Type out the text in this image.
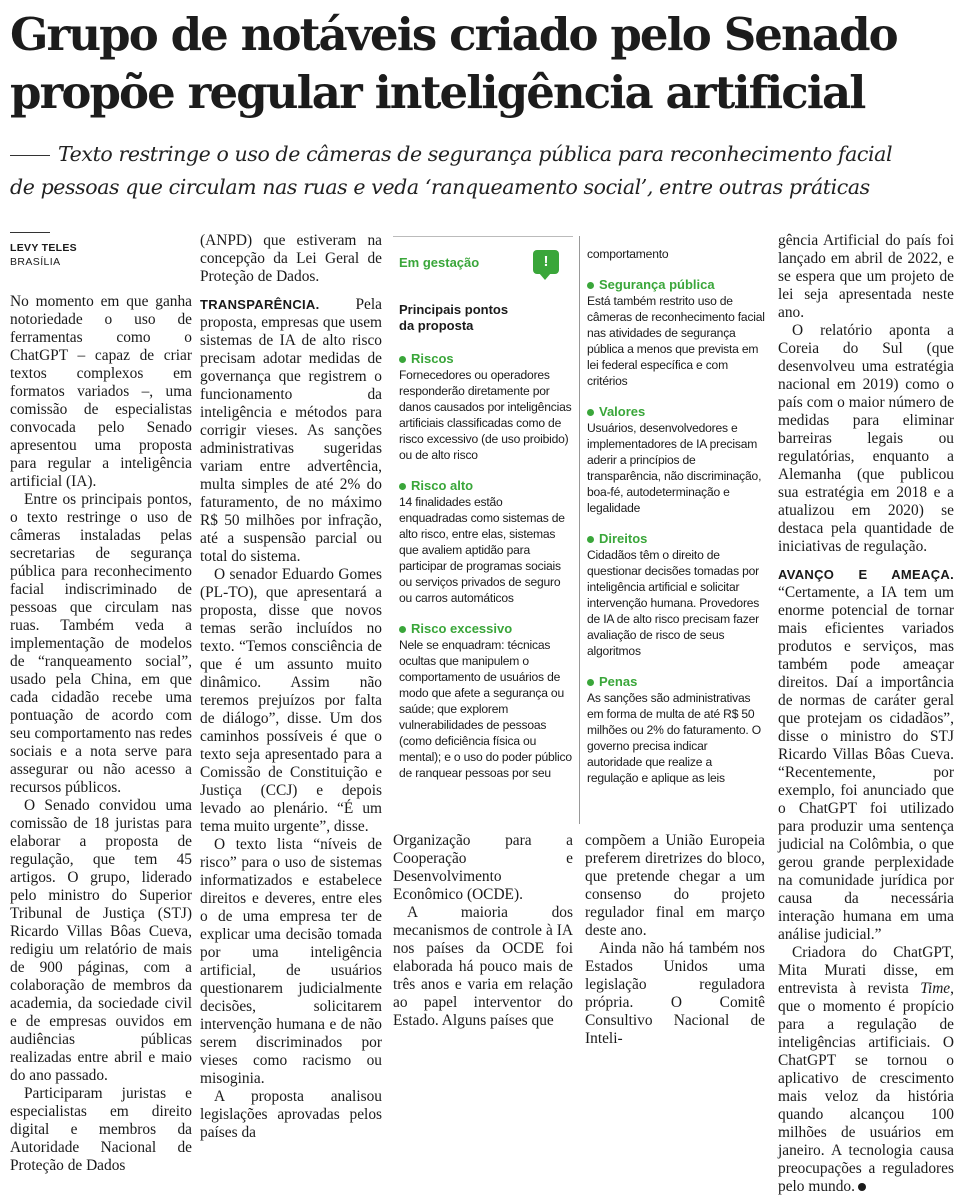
Grupo de notáveis criado pelo Senado
propõe regular inteligência artificial
Texto restringe o uso de câmeras de segurança pública para reconhecimento facial
de pessoas que circulam nas ruas e veda ‘ranqueamento social’, entre outras práticas
LEVY TELES
BRASÍLIA

No momento em que ganha notoriedade o uso de ferramentas como o ChatGPT – capaz de criar textos complexos em formatos variados –, uma comissão de especialistas convocada pelo Senado apresentou uma proposta para regular a inteligência artificial (IA).

Entre os principais pontos, o texto restringe o uso de câmeras instaladas pelas secretarias de segurança pública para reconhecimento facial indiscriminado de pessoas que circulam nas ruas. Também veda a implementação de modelos de “ranqueamento social”, usado pela China, em que cada cidadão recebe uma pontuação de acordo com seu comportamento nas redes sociais e a nota serve para assegurar ou não acesso a recursos públicos.

O Senado convidou uma comissão de 18 juristas para elaborar a proposta de regulação, que tem 45 artigos. O grupo, liderado pelo ministro do Superior Tribunal de Justiça (STJ) Ricardo Villas Bôas Cueva, redigiu um relatório de mais de 900 páginas, com a colaboração de membros da academia, da sociedade civil e de empresas ouvidos em audiências públicas realizadas entre abril e maio do ano passado.

Participaram juristas e especialistas em direito digital e membros da Autoridade Nacional de Proteção de Dados

(ANPD) que estiveram na concepção da Lei Geral de Proteção de Dados.

TRANSPARÊNCIA. Pela proposta, empresas que usem sistemas de IA de alto risco precisam adotar medidas de governança que registrem o funcionamento da inteligência e métodos para corrigir vieses. As sanções administrativas sugeridas variam entre advertência, multa simples de até 2% do faturamento, de no máximo R$ 50 milhões por infração, até a suspensão parcial ou total do sistema.

O senador Eduardo Gomes (PL-TO), que apresentará a proposta, disse que novos temas serão incluídos no texto. “Temos consciência de que é um assunto muito dinâmico. Assim não teremos prejuízos por falta de diálogo”, disse. Um dos caminhos possíveis é que o texto seja apresentado para a Comissão de Constituição e Justiça (CCJ) e depois levado ao plenário. “É um tema muito urgente”, disse.

O texto lista “níveis de risco” para o uso de sistemas informatizados e estabelece direitos e deveres, entre eles o de uma empresa ter de explicar uma decisão tomada por uma inteligência artificial, de usuários questionarem judicialmente decisões, solicitarem intervenção humana e de não serem discriminados por vieses como racismo ou misoginia.

A proposta analisou legislações aprovadas pelos países da

!
Em gestação
Principais pontos da proposta
Riscos
Fornecedores ou operadores responderão diretamente por danos causados por inteligências artificiais classificadas como de risco excessivo (de uso proibido) ou de alto risco
Risco alto
14 finalidades estão enquadradas como sistemas de alto risco, entre elas, sistemas que avaliem aptidão para participar de programas sociais ou serviços privados de seguro ou carros automáticos
Risco excessivo
Nele se enquadram: técnicas ocultas que manipulem o comportamento de usuários de modo que afete a segurança ou saúde; que explorem vulnerabilidades de pessoas (como deficiência física ou mental); e o uso do poder público de ranquear pessoas por seu
comportamento
Segurança pública
Está também restrito uso de câmeras de reconhecimento facial nas atividades de segurança pública a menos que prevista em lei federal específica e com critérios
Valores
Usuários, desenvolvedores e implementadores de IA precisam aderir a princípios de transparência, não discriminação, boa-fé, autodeterminação e legalidade
Direitos
Cidadãos têm o direito de questionar decisões tomadas por inteligência artificial e solicitar intervenção humana. Provedores de IA de alto risco precisam fazer avaliação de risco de seus algoritmos
Penas
As sanções são administrativas em forma de multa de até R$ 50 milhões ou 2% do faturamento. O governo precisa indicar autoridade que realize a regulação e aplique as leis

Organização para a Cooperação e Desenvolvimento Econômico (OCDE).

A maioria dos mecanismos de controle à IA nos países da OCDE foi elaborada há pouco mais de três anos e varia em relação ao papel interventor do Estado. Alguns países que

compõem a União Europeia preferem diretrizes do bloco, que pretende chegar a um consenso do projeto regulador final em março deste ano.

Ainda não há também nos Estados Unidos uma legislação reguladora própria. O Comitê Consultivo Nacional de Inteli-

gência Artificial do país foi lançado em abril de 2022, e se espera que um projeto de lei seja apresentada neste ano.

O relatório aponta a Coreia do Sul (que desenvolveu uma estratégia nacional em 2019) como o país com o maior número de medidas para eliminar barreiras legais ou regulatórias, enquanto a Alemanha (que publicou sua estratégia em 2018 e a atualizou em 2020) se destaca pela quantidade de iniciativas de regulação.

AVANÇO E AMEAÇA. “Certamente, a IA tem um enorme potencial de tornar mais eficientes variados produtos e serviços, mas também pode ameaçar direitos. Daí a importância de normas de caráter geral que protejam os cidadãos”, disse o ministro do STJ Ricardo Villas Bôas Cueva. “Recentemente, por exemplo, foi anunciado que o ChatGPT foi utilizado para produzir uma sentença judicial na Colômbia, o que gerou grande perplexidade na comunidade jurídica por causa da necessária interação humana em uma análise judicial.”

Criadora do ChatGPT, Mita Murati disse, em entrevista à revista Time, que o momento é propício para a regulação de inteligências artificiais. O ChatGPT se tornou o aplicativo de crescimento mais veloz da história quando alcançou 100 milhões de usuários em janeiro. A tecnologia causa preocupações a reguladores pelo mundo.
